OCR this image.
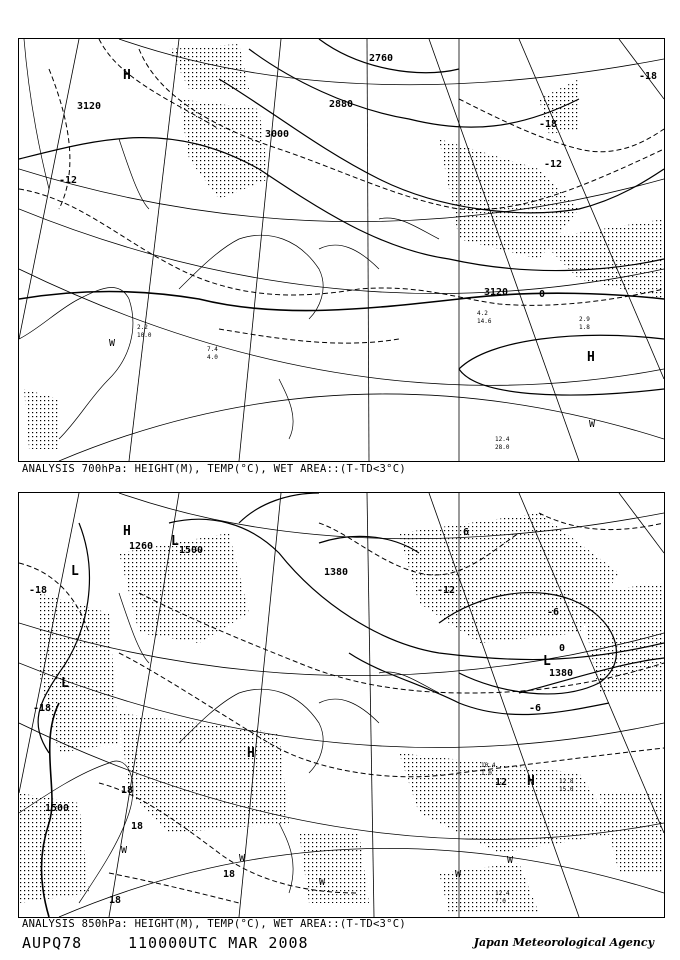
3120
3000
2880
2760
3120
-12
-12
-18
-18
0
H
H
W
W
12.4
28.0
4.2
14.6	2.9
1.8
7.4
4.0
2.2
10.0
ANALYSIS 700hPa: HEIGHT(M), TEMP(°C), WET AREA::(T-TD<3°C)
1500
1380
1380
1260	1500
-18
-18
-12
-6
-6
0
12
18
18
18
18
6
H
L
L
L
H
H
L
W
W
W
W
W
12.4
7.0
10.4
1.0
12.8
15.0
ANALYSIS 850hPa: HEIGHT(M), TEMP(°C), WET AREA::(T-TD<3°C)
AUPQ78	110000UTC MAR 2008	Japan Meteorological Agency
